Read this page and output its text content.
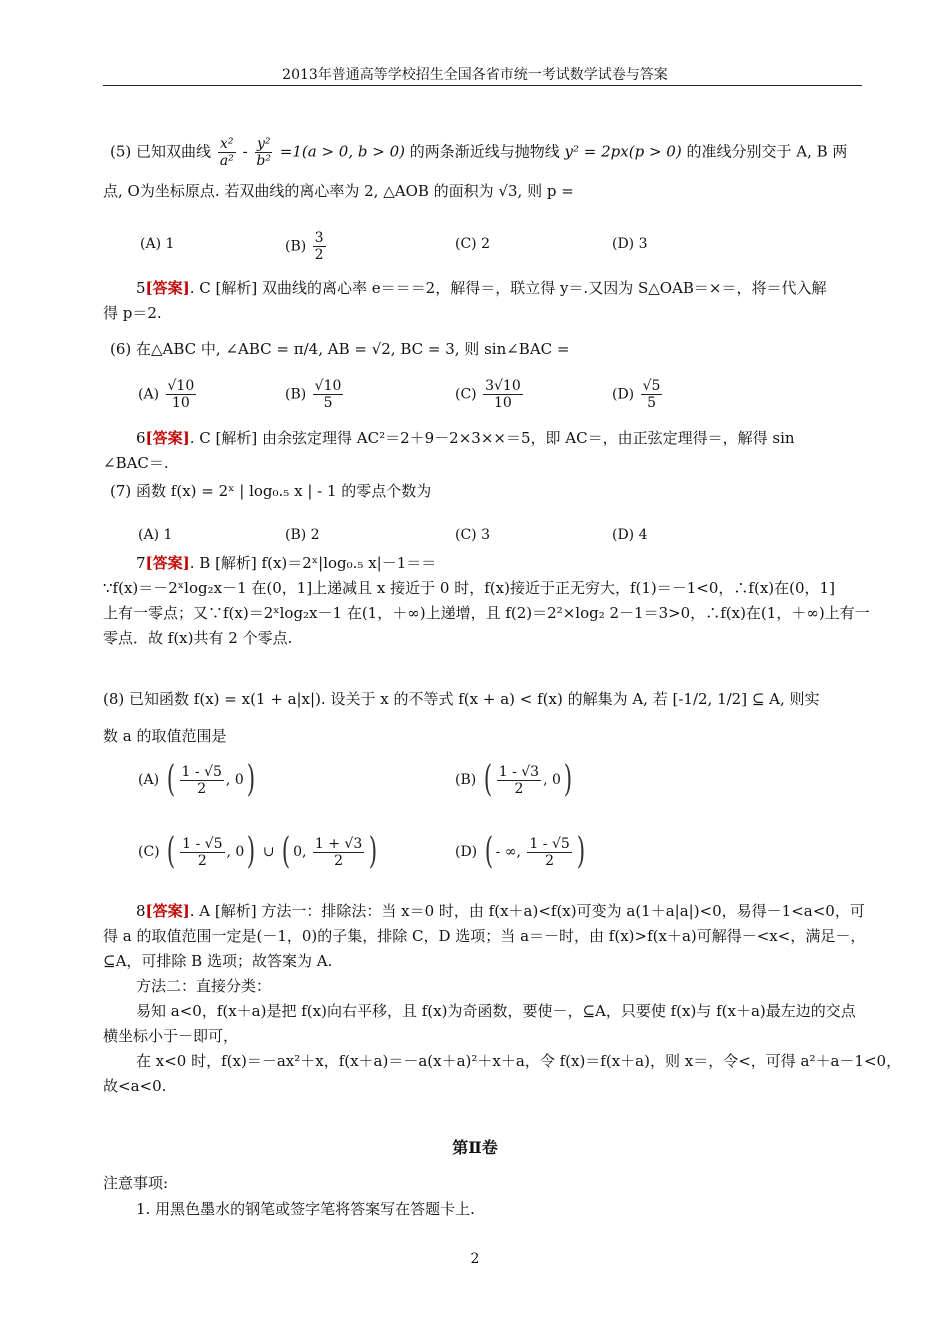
2013年普通高等学校招生全国各省市统一考试数学试卷与答案
(5) 已知双曲线 $\frac{\text{x²}}{\text{a²}} - \frac{\text{y²}}{\text{b²}} =1(a > 0$, b > 0) 的两条渐近线与抛物线 y² = 2px(p > 0) 的准线分别交于 A, B 两
点, O为坐标原点. 若双曲线的离心率为 2, △AOB 的面积为 √3, 则 p =
(A) 1	$(B) \frac{3}{2}$	(C) 2	(D) 3
5[答案]. C [解析] 双曲线的离心率 e＝＝＝2，解得＝，联立得 y＝.又因为 S△OAB＝×＝，将＝代入解
得 p＝2.
(6) 在△ABC 中, ∠ABC = π/4, AB = √2, BC = 3, 则 sin∠BAC =
$(A) \frac{√10}{10}$	$(B) \frac{√10}{5}$	$(C) \frac{3√10}{10}$	$(D) \frac{√5}{5}$
6[答案]. C [解析] 由余弦定理得 AC²＝2＋9－2×3××＝5，即 AC＝，由正弦定理得＝，解得 sin
∠BAC＝.
(7) 函数 f(x) = 2ˣ | log₀.₅ x | - 1 的零点个数为
(A) 1	(B) 2	(C) 3	(D) 4
7[答案]. B [解析] f(x)＝2ˣ|log₀.₅ x|－1＝＝
∵f(x)＝－2ˣlog₂x－1 在(0，1]上递减且 x 接近于 0 时，f(x)接近于正无穷大，f(1)＝－1<0，∴f(x)在(0，1]
上有一零点；又∵f(x)＝2ˣlog₂x－1 在(1，＋∞)上递增，且 f(2)＝2²×log₂ 2－1＝3>0，∴f(x)在(1，＋∞)上有一
零点．故 f(x)共有 2 个零点.
(8) 已知函数 f(x) = x(1 + a|x|). 设关于 x 的不等式 f(x + a) < f(x) 的解集为 A, 若 [-1/2, 1/2] ⊆ A, 则实
数 a 的取值范围是
(A) ( $\frac{1 - √5}{2}$ , 0)	(B) ( $\frac{1 - √3}{2}$ , 0)
(C) ( $\frac{1 - √5}{2}$ , 0) ∪ ( 0, $\frac{1 + √3}{2}$ )	(D) ( - ∞, $\frac{1 - √5}{2}$ )
8[答案]. A [解析] 方法一：排除法：当 x＝0 时，由 f(x＋a)<f(x)可变为 a(1＋a|a|)<0，易得－1<a<0，可
得 a 的取值范围一定是(－1，0)的子集，排除 C，D 选项；当 a＝－时，由 f(x)>f(x＋a)可解得－<x<，满足－，
⊆A，可排除 B 选项；故答案为 A.
方法二：直接分类：
易知 a<0，f(x＋a)是把 f(x)向右平移，且 f(x)为奇函数，要使－，⊆A，只要使 f(x)与 f(x＋a)最左边的交点
横坐标小于－即可，
在 x<0 时，f(x)＝－ax²＋x，f(x＋a)＝－a(x＋a)²＋x＋a，令 f(x)＝f(x＋a)，则 x＝，令<，可得 a²＋a－1<0，
故<a<0.
第Ⅱ卷
注意事项:
1. 用黑色墨水的钢笔或签字笔将答案写在答题卡上.
2
